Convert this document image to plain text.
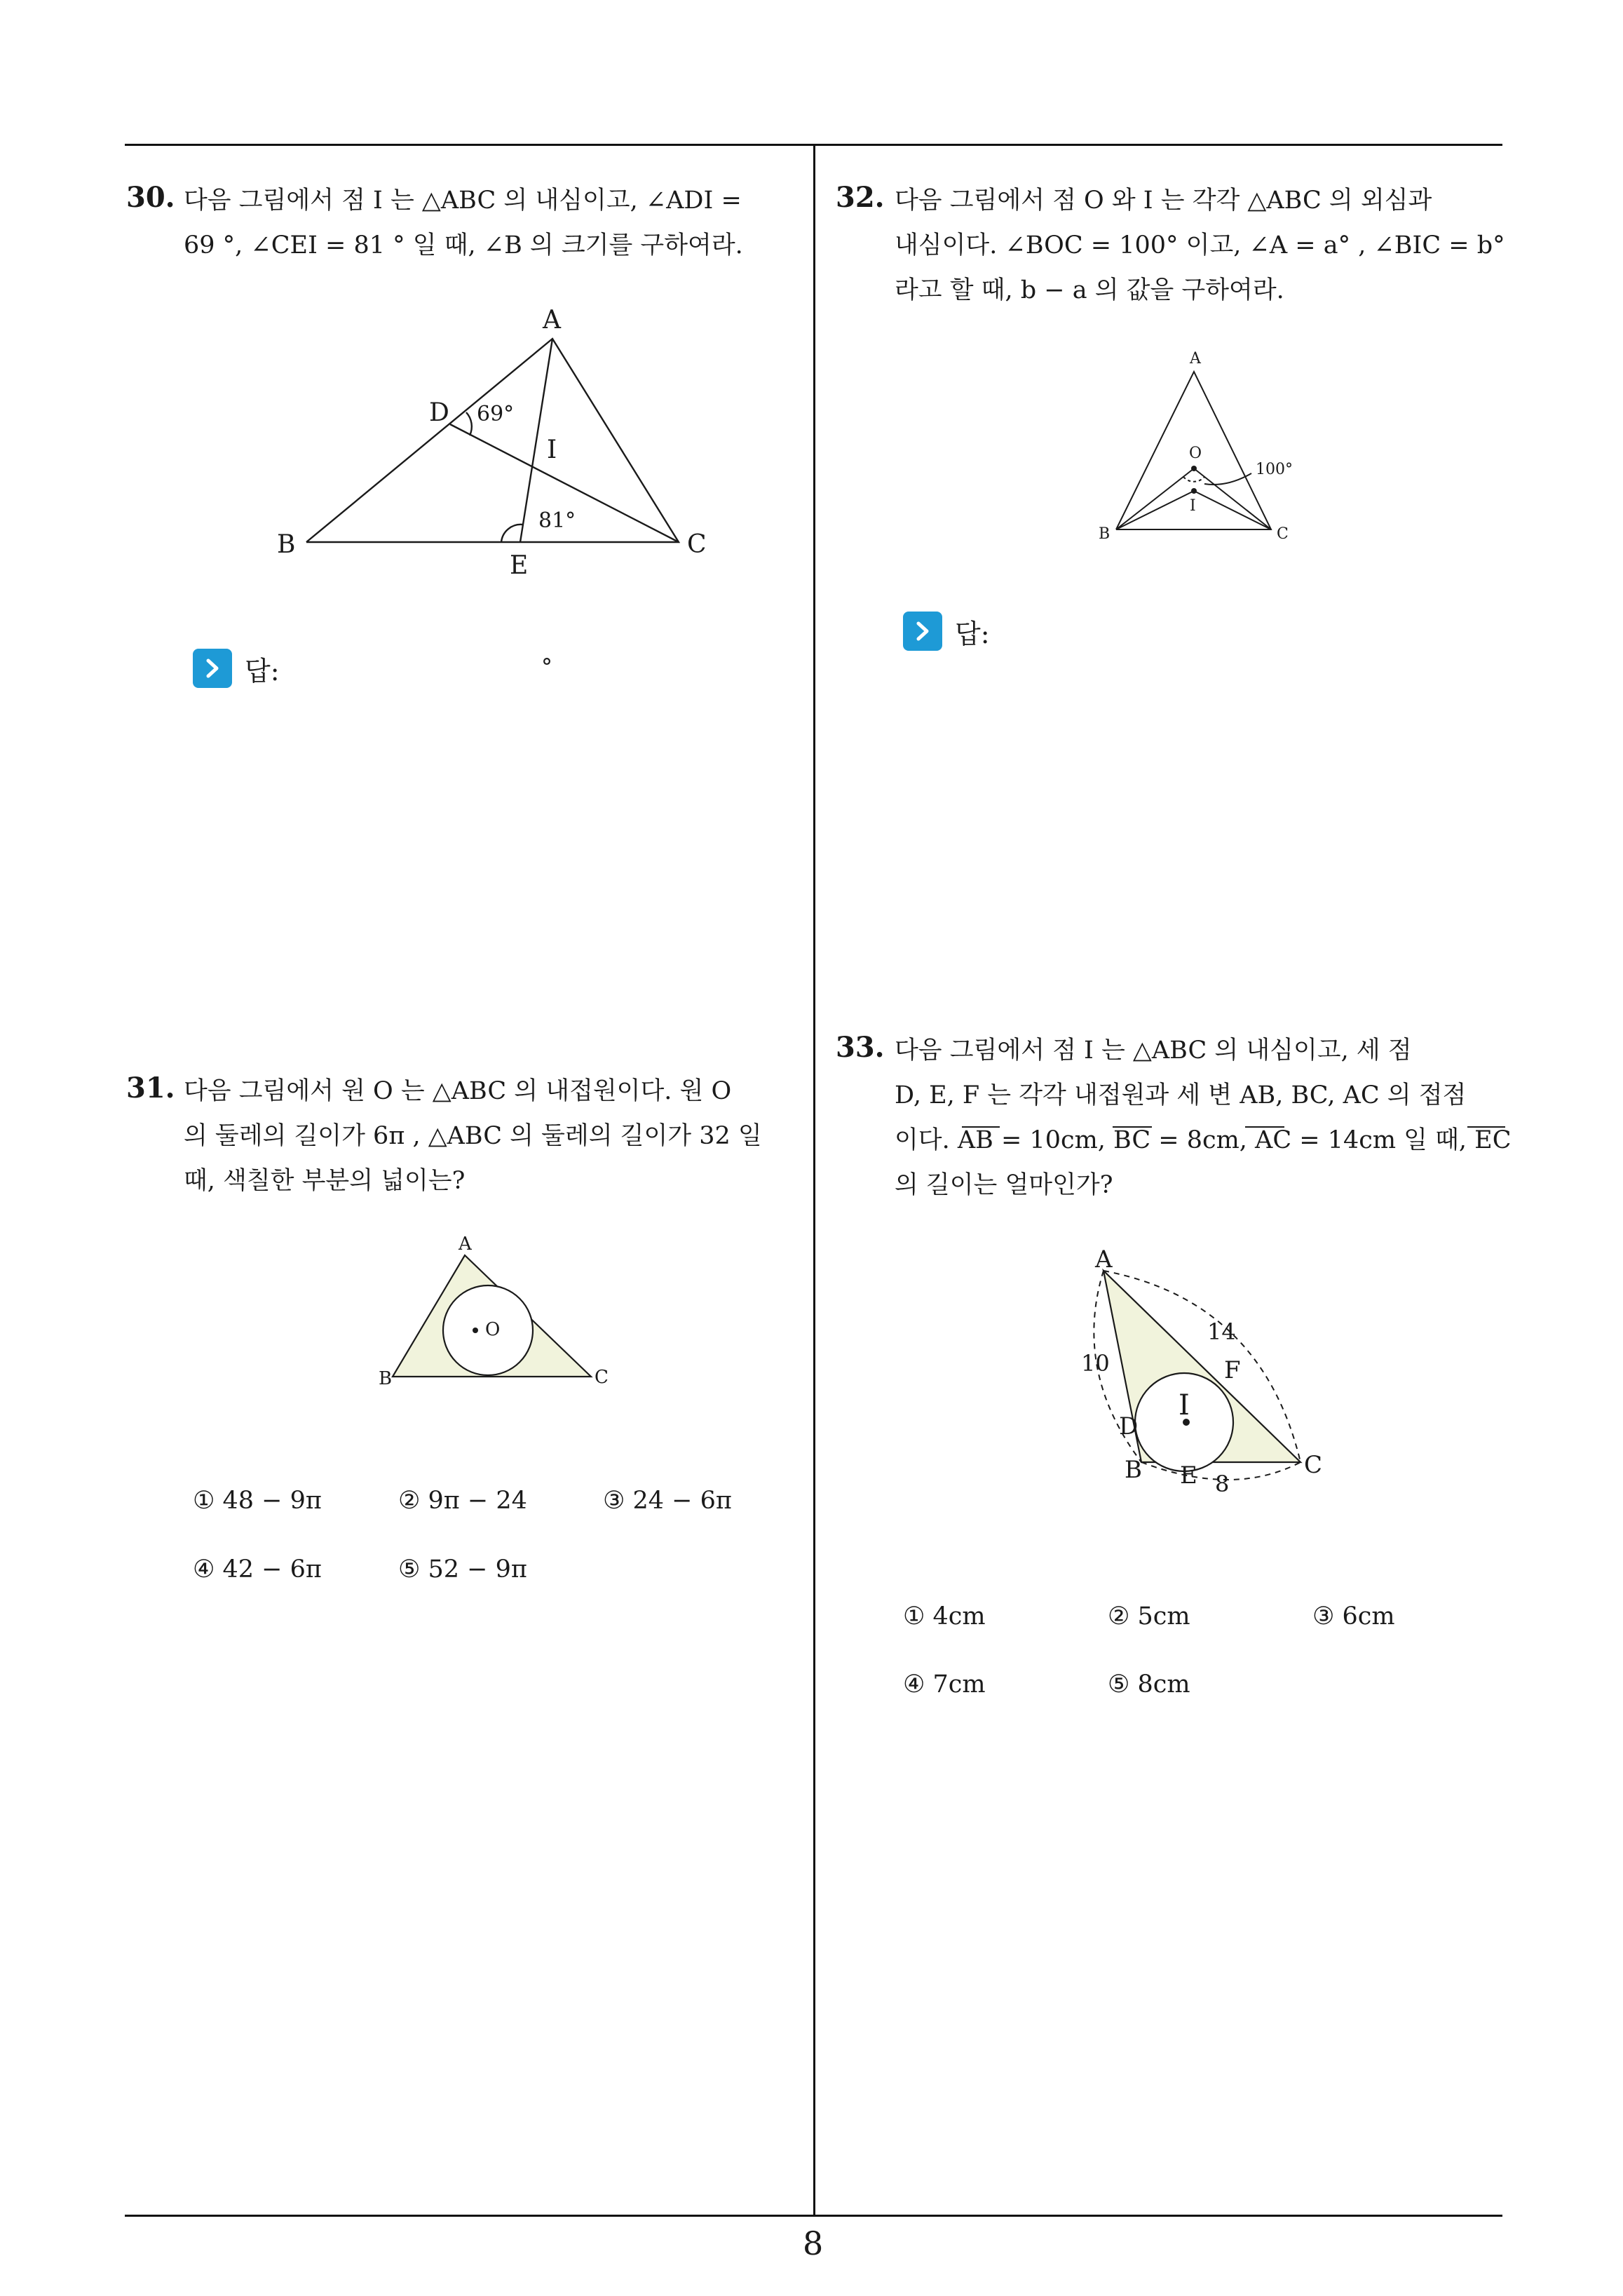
8
30. 다음 그림에서 점 I 는 △ABC 의 내심이고, ∠ADI =
69 °, ∠CEI = 81 ° 일 때, ∠B 의 크기를 구하여라.
A
B	C
D
E
I
69°
81°
답:	°
31. 다음 그림에서 원 O 는 △ABC 의 내접원이다. 원 O
의 둘레의 길이가 6π , △ABC 의 둘레의 길이가 32 일
때, 색칠한 부분의 넓이는?
A
B	C
O
① 48 − 9π	② 9π − 24	③ 24 − 6π
④ 42 − 6π	⑤ 52 − 9π
32. 다음 그림에서 점 O 와 I 는 각각 △ABC 의 외심과
내심이다. ∠BOC = 100° 이고, ∠A = a° , ∠BIC = b°
라고 할 때, b − a 의 값을 구하여라.
A
B	C
O
I
100°
답:
33. 다음 그림에서 점 I 는 △ABC 의 내심이고, 세 점
D, E, F 는 각각 내접원과 세 변 AB, BC, AC 의 접점
이다. AB = 10cm, BC = 8cm, AC = 14cm 일 때, EC
의 길이는 얼마인가?
A
B	C
D
E
F
I
10
14
8
① 4cm	② 5cm	③ 6cm
④ 7cm	⑤ 8cm
